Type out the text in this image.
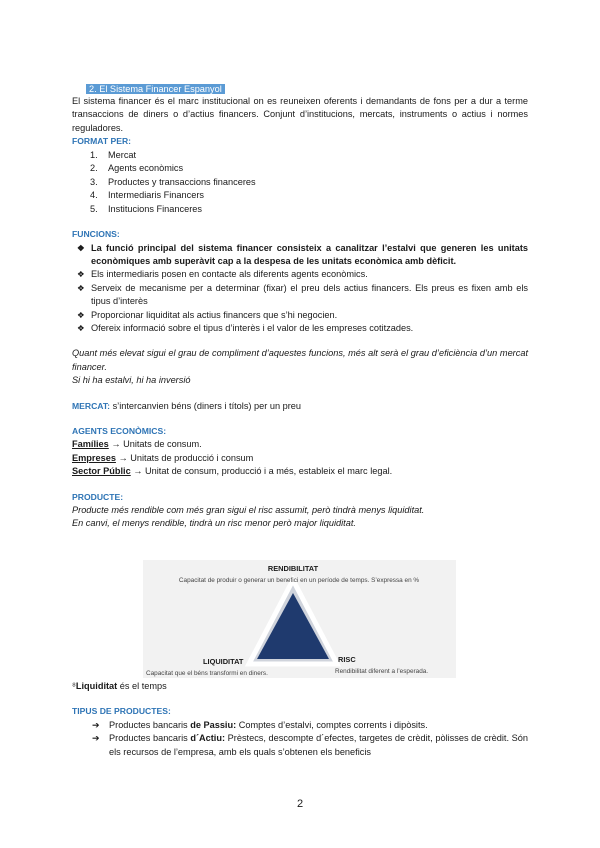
2. El Sistema Financer Espanyol

El sistema financer és el marc institucional on es reuneixen oferents i demandants de fons per a dur a terme transaccions de diners o d’actius financers. Conjunt d’institucions, mercats, instruments o actius i normes reguladores.

FORMAT PER:

1.	Mercat
2.	Agents econòmics
3.	Productes y transaccions financeres
4.	Intermediaris Financers
5.	Institucions Financeres

FUNCIONS:

❖ La funció principal del sistema financer consisteix a canalitzar l’estalvi que generen les unitats econòmiques amb superàvit cap a la despesa de les unitats econòmica amb dèficit.
❖ Els intermediaris posen en contacte als diferents agents econòmics.
❖ Serveix de mecanisme per a determinar (fixar) el preu dels actius financers. Els preus es fixen amb els tipus d’interès
❖ Proporcionar liquiditat als actius financers que s’hi negocien.
❖ Ofereix informació sobre el tipus d’interès i el valor de les empreses cotitzades.

Quant més elevat sigui el grau de compliment d’aquestes funcions, més alt serà el grau d’eficiència d’un mercat financer.

Si hi ha estalvi, hi ha inversió

MERCAT: s’intercanvien béns (diners i títols) per un preu

AGENTS ECONÒMICS:

Famílies → Unitats de consum.

Empreses → Unitats de producció i consum

Sector Públic → Unitat de consum, producció i a més, estableix el marc legal.

PRODUCTE:

Producte més rendible com més gran sigui el risc assumit, però tindrà menys liquiditat.

En canvi, el menys rendible, tindrà un risc menor però major liquiditat.

RENDIBILITAT
Capacitat de produir o generar un benefici en un període de temps. S’expressa en %
LIQUIDITAT
Capacitat que el béns transformi en diners.
RISC
Rendibilitat diferent a l’esperada.

⁸Liquiditat és el temps

TIPUS DE PRODUCTES:

➔ Productes bancaris de Passiu: Comptes d’estalvi, comptes corrents i dipòsits.
➔ Productes bancaris d´Actiu: Prèstecs, descompte d´efectes, targetes de crèdit, pòlisses de crèdit. Són els recursos de l’empresa, amb els quals s’obtenen els beneficis
2
